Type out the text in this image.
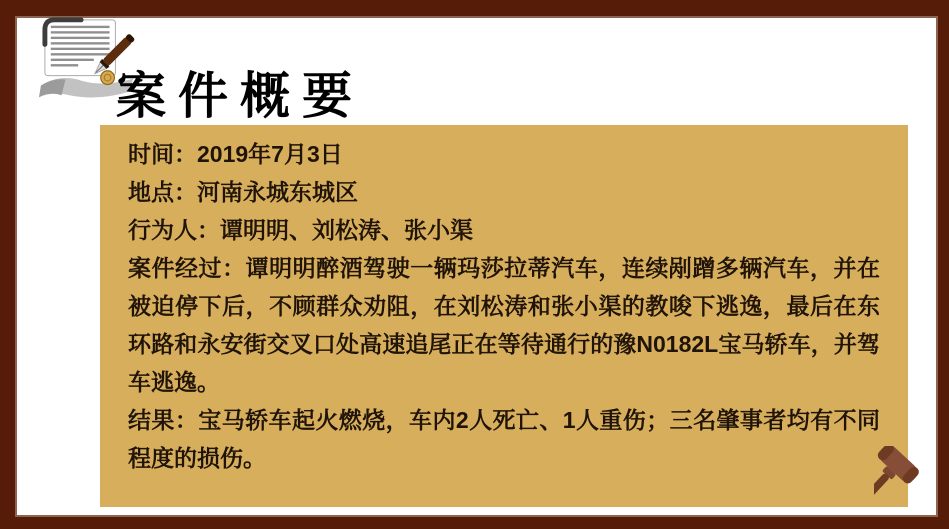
案件概要

时间：2019年7月3日

地点：河南永城东城区

行为人：谭明明、刘松涛、张小渠

案件经过：谭明明醉酒驾驶一辆玛莎拉蒂汽车，连续剐蹭多辆汽车，并在被迫停下后，不顾群众劝阻，在刘松涛和张小渠的教唆下逃逸，最后在东环路和永安街交叉口处高速追尾正在等待通行的豫N0182L宝马轿车，并驾车逃逸。

结果：宝马轿车起火燃烧，车内2人死亡、1人重伤；三名肇事者均有不同程度的损伤。
